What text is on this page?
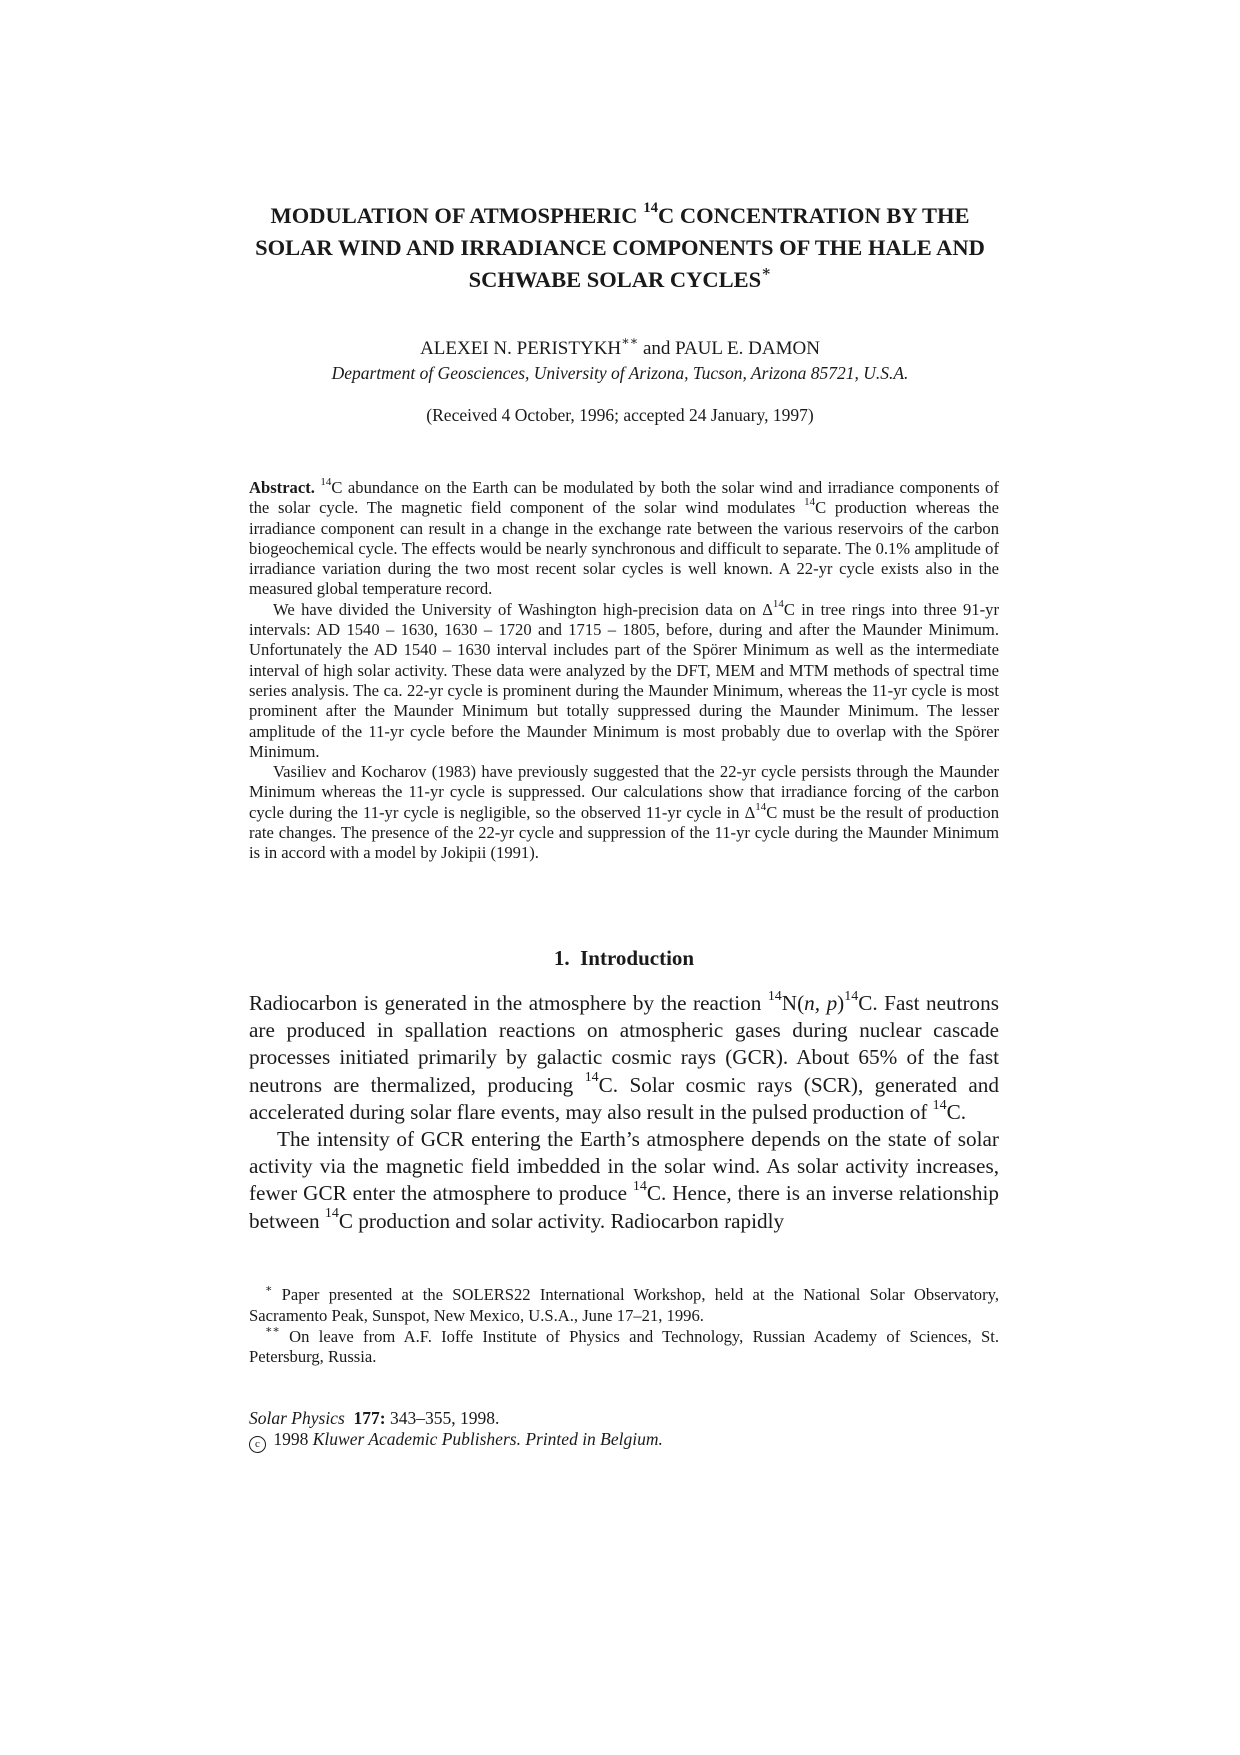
MODULATION OF ATMOSPHERIC $^{14}$C CONCENTRATION BY THE
SOLAR WIND AND IRRADIANCE COMPONENTS OF THE HALE AND
SCHWABE SOLAR CYCLES∗
ALEXEI N. PERISTYKH∗∗ and PAUL E. DAMON
Department of Geosciences, University of Arizona, Tucson, Arizona 85721, U.S.A.
(Received 4 October, 1996; accepted 24 January, 1997)

Abstract. $^{14}$C abundance on the Earth can be modulated by both the solar wind and irradiance components of the solar cycle. The magnetic field component of the solar wind modulates $^{14}$C production whereas the irradiance component can result in a change in the exchange rate between the various reservoirs of the carbon biogeochemical cycle. The effects would be nearly synchronous and difficult to separate. The 0.1% amplitude of irradiance variation during the two most recent solar cycles is well known. A 22-yr cycle exists also in the measured global temperature record.

We have divided the University of Washington high-precision data on $\Delta^{14}C$ in tree rings into three 91-yr intervals: AD 1540 – 1630, 1630 – 1720 and 1715 – 1805, before, during and after the Maunder Minimum. Unfortunately the AD 1540 – 1630 interval includes part of the Spörer Minimum as well as the intermediate interval of high solar activity. These data were analyzed by the DFT, MEM and MTM methods of spectral time series analysis. The ca. 22-yr cycle is prominent during the Maunder Minimum, whereas the 11-yr cycle is most prominent after the Maunder Minimum but totally suppressed during the Maunder Minimum. The lesser amplitude of the 11-yr cycle before the Maunder Minimum is most probably due to overlap with the Spörer Minimum.

Vasiliev and Kocharov (1983) have previously suggested that the 22-yr cycle persists through the Maunder Minimum whereas the 11-yr cycle is suppressed. Our calculations show that irradiance forcing of the carbon cycle during the 11-yr cycle is negligible, so the observed 11-yr cycle in $\Delta^{14}C$ must be the result of production rate changes. The presence of the 22-yr cycle and suppression of the 11-yr cycle during the Maunder Minimum is in accord with a model by Jokipii (1991).

1. Introduction

Radiocarbon is generated in the atmosphere by the reaction $^{14}$N(n, p)$^{14}$C. Fast neutrons are produced in spallation reactions on atmospheric gases during nuclear cascade processes initiated primarily by galactic cosmic rays (GCR). About 65% of the fast neutrons are thermalized, producing $^{14}$C. Solar cosmic rays (SCR), generated and accelerated during solar flare events, may also result in the pulsed production of $^{14}$C.

The intensity of GCR entering the Earth’s atmosphere depends on the state of solar activity via the magnetic field imbedded in the solar wind. As solar activity increases, fewer GCR enter the atmosphere to produce $^{14}$C. Hence, there is an inverse relationship between $^{14}$C production and solar activity. Radiocarbon rapidly

∗ Paper presented at the SOLERS22 International Workshop, held at the National Solar Observatory, Sacramento Peak, Sunspot, New Mexico, U.S.A., June 17–21, 1996.

∗∗ On leave from A.F. Ioffe Institute of Physics and Technology, Russian Academy of Sciences, St. Petersburg, Russia.

Solar Physics 177: 343–355, 1998.
c 1998 Kluwer Academic Publishers. Printed in Belgium.
